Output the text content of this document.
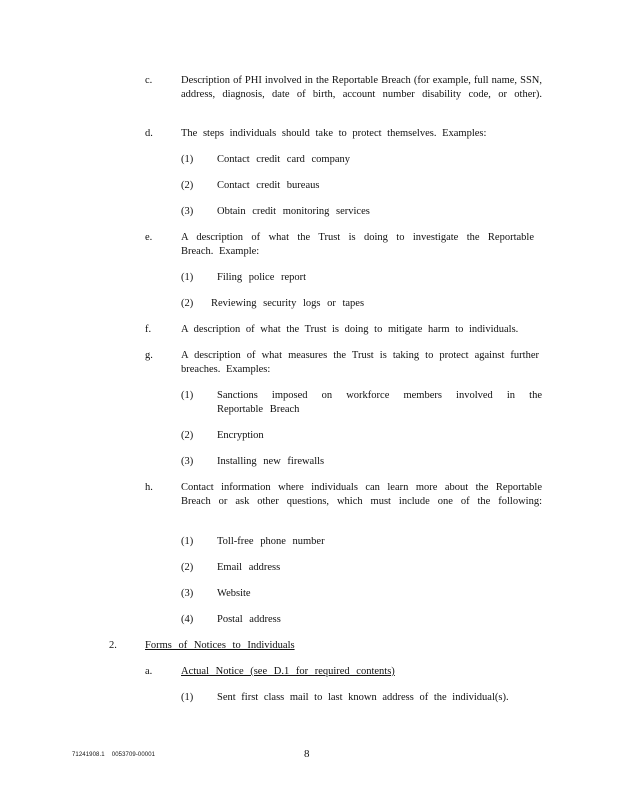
c.	Description of PHI involved in the Reportable Breach (for example, full name, SSN, address, diagnosis, date of birth, account number disability code, or other).
d.	The steps individuals should take to protect themselves. Examples:
(1) Contact credit card company
(2) Contact credit bureaus
(3) Obtain credit monitoring services
e.	A description of what the Trust is doing to investigate the Reportable Breach. Example:
(1) Filing police report
(2) Reviewing security logs or tapes
f.	A description of what the Trust is doing to mitigate harm to individuals.
g.	A description of what measures the Trust is taking to protect against further breaches. Examples:
(1) Sanctions imposed on workforce members involved in the Reportable Breach
(2) Encryption
(3) Installing new firewalls
h.	Contact information where individuals can learn more about the Reportable Breach or ask other questions, which must include one of the following:
(1) Toll-free phone number
(2) Email address
(3) Website
(4) Postal address
2.	Forms of Notices to Individuals
a.	Actual Notice (see D.1 for required contents)
(1) Sent first class mail to last known address of the individual(s).
71241908.1    0053709-00001	8
